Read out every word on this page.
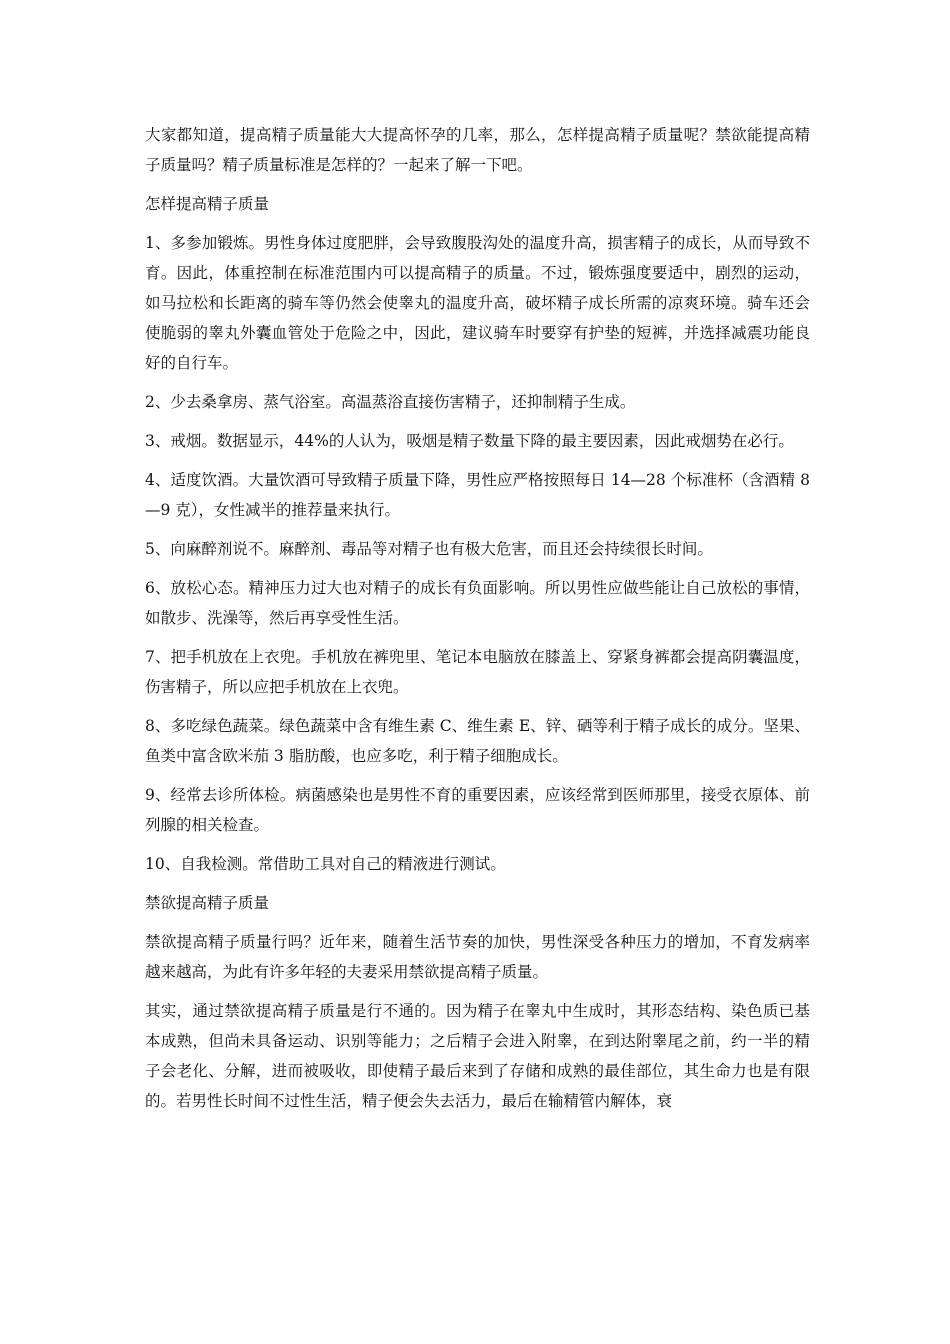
大家都知道，提高精子质量能大大提高怀孕的几率，那么，怎样提高精子质量呢？禁欲能提高精子质量吗？精子质量标准是怎样的？一起来了解一下吧。

怎样提高精子质量

1、多参加锻炼。男性身体过度肥胖，会导致腹股沟处的温度升高，损害精子的成长，从而导致不育。因此，体重控制在标准范围内可以提高精子的质量。不过，锻炼强度要适中，剧烈的运动，如马拉松和长距离的骑车等仍然会使睾丸的温度升高，破坏精子成长所需的凉爽环境。骑车还会使脆弱的睾丸外囊血管处于危险之中，因此，建议骑车时要穿有护垫的短裤，并选择减震功能良好的自行车。

2、少去桑拿房、蒸气浴室。高温蒸浴直接伤害精子，还抑制精子生成。

3、戒烟。数据显示，44%的人认为，吸烟是精子数量下降的最主要因素，因此戒烟势在必行。

4、适度饮酒。大量饮酒可导致精子质量下降，男性应严格按照每日 14—28 个标准杯（含酒精 8—9 克），女性减半的推荐量来执行。

5、向麻醉剂说不。麻醉剂、毒品等对精子也有极大危害，而且还会持续很长时间。

6、放松心态。精神压力过大也对精子的成长有负面影响。所以男性应做些能让自己放松的事情，如散步、洗澡等，然后再享受性生活。

7、把手机放在上衣兜。手机放在裤兜里、笔记本电脑放在膝盖上、穿紧身裤都会提高阴囊温度，伤害精子，所以应把手机放在上衣兜。

8、多吃绿色蔬菜。绿色蔬菜中含有维生素 C、维生素 E、锌、硒等利于精子成长的成分。坚果、鱼类中富含欧米茄 3 脂肪酸，也应多吃，利于精子细胞成长。

9、经常去诊所体检。病菌感染也是男性不育的重要因素，应该经常到医师那里，接受衣原体、前列腺的相关检查。

10、自我检测。常借助工具对自己的精液进行测试。

禁欲提高精子质量

禁欲提高精子质量行吗？近年来，随着生活节奏的加快，男性深受各种压力的增加，不育发病率越来越高，为此有许多年轻的夫妻采用禁欲提高精子质量。

其实，通过禁欲提高精子质量是行不通的。因为精子在睾丸中生成时，其形态结构、染色质已基本成熟，但尚未具备运动、识别等能力；之后精子会进入附睾，在到达附睾尾之前，约一半的精子会老化、分解，进而被吸收，即使精子最后来到了存储和成熟的最佳部位，其生命力也是有限的。若男性长时间不过性生活，精子便会失去活力，最后在输精管内解体，衰
